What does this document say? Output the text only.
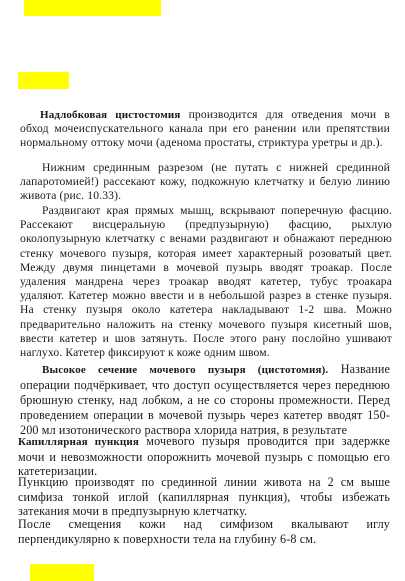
Надлобковая цистостомия производится для отведения мочи в обход мочеиспускательного канала при его ранении или препятствии нормальному оттоку мочи (аденома простаты, стриктура уретры и др.).

Нижним срединным разрезом (не путать с нижней срединной лапаротомией!) рассекают кожу, подкожную клетчатку и белую линию живота (рис. 10.33).

Раздвигают края прямых мышц, вскрывают поперечную фасцию. Рассекают висцеральную (предпузырную) фасцию, рыхлую околопузырную клетчатку с венами раздвигают и обнажают переднюю стенку мочевого пузыря, которая имеет характерный розоватый цвет. Между двумя пинцетами в мочевой пузырь вводят троакар. После удаления мандрена через троакар вводят катетер, тубус троакара удаляют. Катетер можно ввести и в небольшой разрез в стенке пузыря. На стенку пузыря около катетера накладывают 1-2 шва. Можно предварительно наложить на стенку мочевого пузыря кисетный шов, ввести катетер и шов затянуть. После этого рану послойно ушивают наглухо. Катетер фиксируют к коже одним швом.

Высокое сечение мочевого пузыря (цистотомия). Название операции подчёркивает, что доступ осуществляется через переднюю брюшную стенку, над лобком, а не со стороны промежности. Перед проведением операции в мочевой пузырь через катетер вводят 150-200 мл изотонического раствора хлорида натрия, в результате

Капиллярная пункция мочевого пузыря проводится при задержке мочи и невозможности опорожнить мочевой пузырь с помощью его катетеризации.

Пункцию производят по срединной линии живота на 2 см выше симфиза тонкой иглой (капиллярная пункция), чтобы избежать затекания мочи в предпузырную клетчатку.

После смещения кожи над симфизом вкалывают иглу перпендикулярно к поверхности тела на глубину 6-8 см.
